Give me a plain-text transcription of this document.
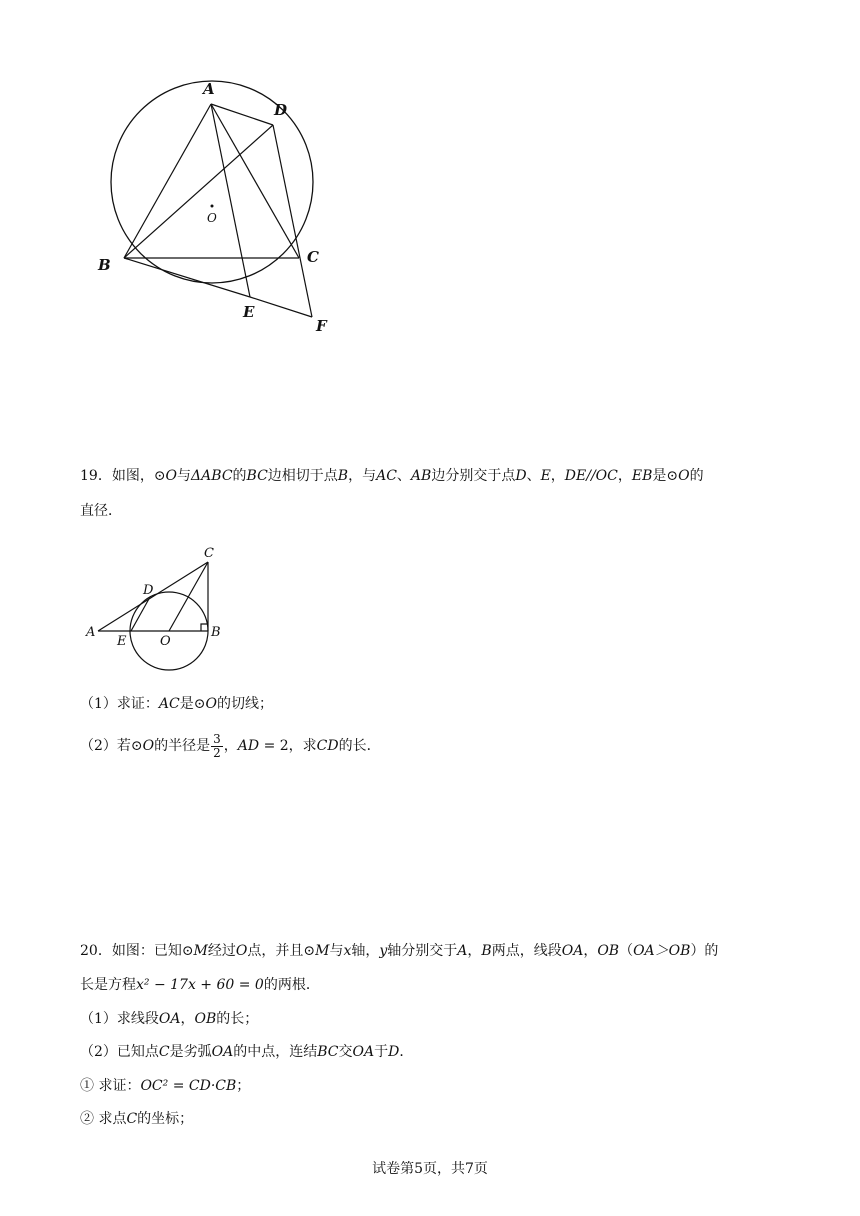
A
D
B	C
E
F
O
19．如图，⊙O与ΔABC的BC边相切于点B，与AC、AB边分别交于点D、E，DE//OC，EB是⊙O的
直径．
C
D
A	B
E	O
（1）求证：AC是⊙O的切线；
（2）若⊙O的半径是 $\frac{3}{2}$ ，AD = 2，求CD的长．
20．如图：已知⊙M经过O点，并且⊙M与x轴，y轴分别交于A，B两点，线段OA，OB（OA＞OB）的
长是方程x² − 17x + 60 = 0的两根．
（1）求线段OA，OB的长；
（2）已知点C是劣弧OA的中点，连结BC交OA于D．
① 求证：OC² = CD·CB；
② 求点C的坐标；
试卷第5页，共7页
